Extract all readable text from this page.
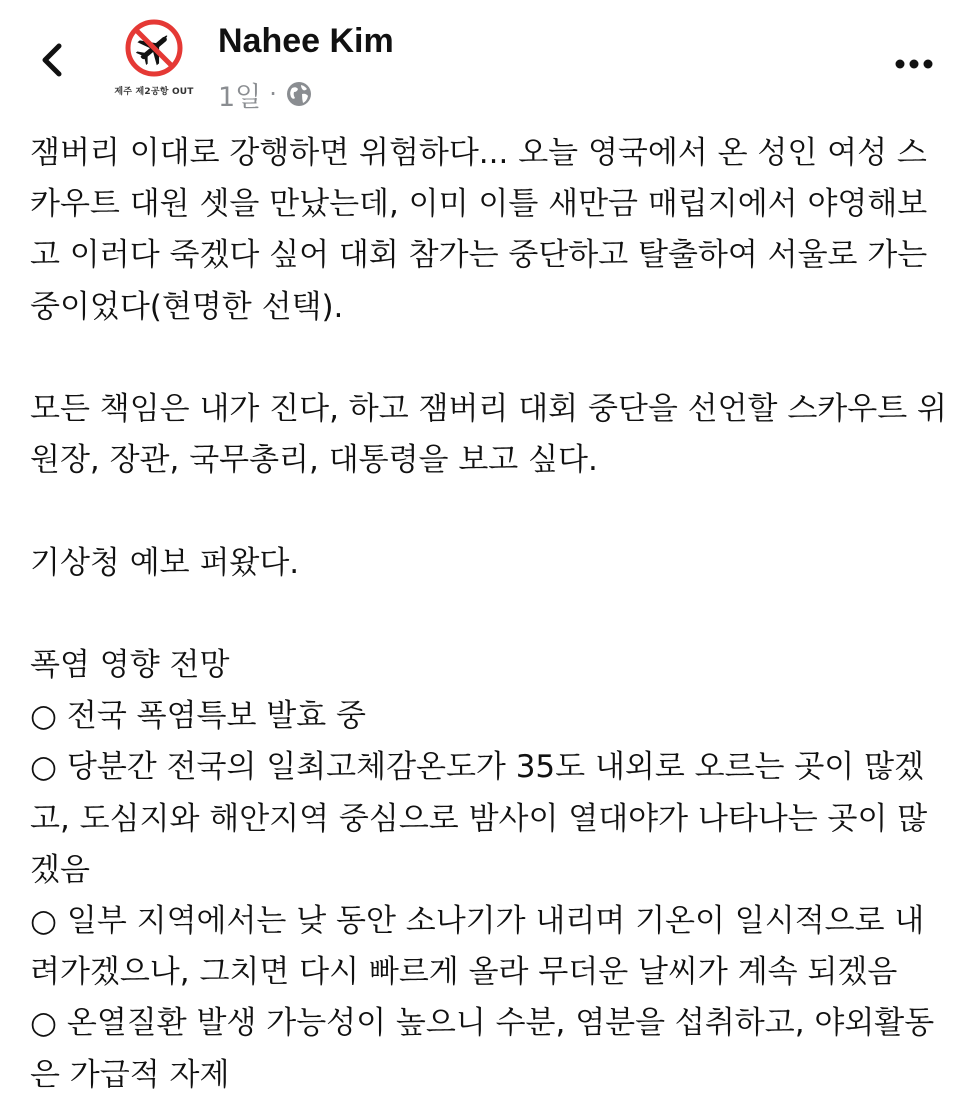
제주 제2공항 OUT
Nahee Kim
1일 ·

잼버리 이대로 강행하면 위험하다... 오늘 영국에서 온 성인 여성 스카우트 대원 셋을 만났는데, 이미 이틀 새만금 매립지에서 야영해보고 이러다 죽겠다 싶어 대회 참가는 중단하고 탈출하여 서울로 가는 중이었다(현명한 선택).

모든 책임은 내가 진다, 하고 잼버리 대회 중단을 선언할 스카우트 위원장, 장관, 국무총리, 대통령을 보고 싶다.

기상청 예보 퍼왔다.

폭염 영향 전망

○ 전국 폭염특보 발효 중
○ 당분간 전국의 일최고체감온도가 35도 내외로 오르는 곳이 많겠고, 도심지와 해안지역 중심으로 밤사이 열대야가 나타나는 곳이 많겠음
○ 일부 지역에서는 낮 동안 소나기가 내리며 기온이 일시적으로 내려가겠으나, 그치면 다시 빠르게 올라 무더운 날씨가 계속 되겠음
○ 온열질환 발생 가능성이 높으니 수분, 염분을 섭취하고, 야외활동은 가급적 자제
